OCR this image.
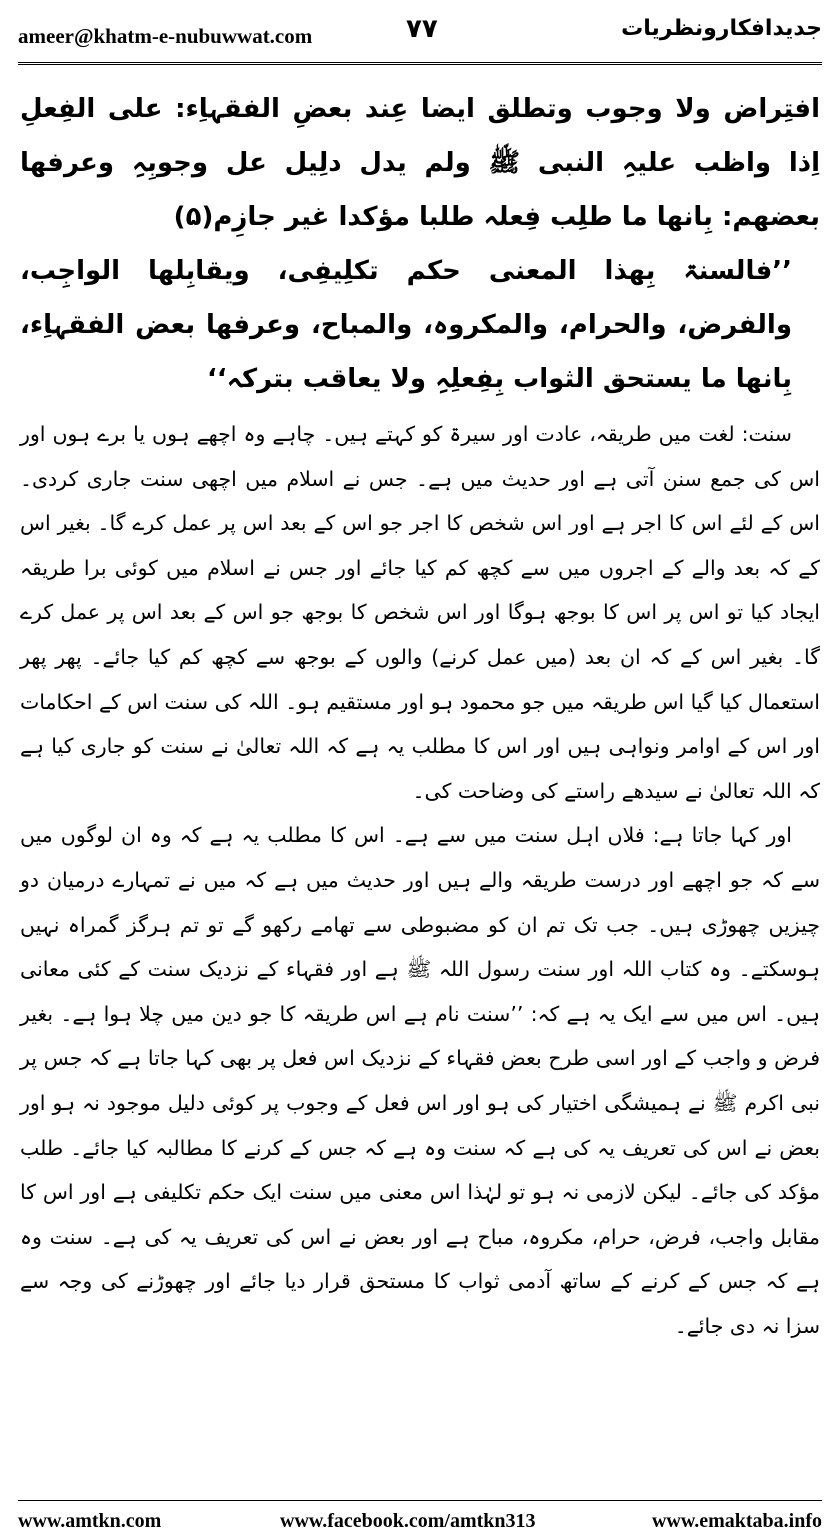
ameer@khatm-e-nubuwwat.com	۷۷	جدیدافکارونظریات

افتِراض ولا وجوب وتطلق ایضا عِند بعضِ الفقہاِء: علی الفِعلِ اِذا واظب علیہِ النبی ﷺ ولم یدل دلِیل عل وجوبِہِ وعرفھا بعضھم: بِانھا ما طلِب فِعلہ طلبا مؤکدا غیر جازِم(۵)

’’فالسنۃ بِھذا المعنی حکم تکلِیفِی، ویقابِلھا الواجِب، والفرض، والحرام، والمکروہ، والمباح، وعرفھا بعض الفقہاِء، بِانھا ما یستحق الثواب بِفِعلِہِ ولا یعاقب بترکہ‘‘

سنت: لغت میں طریقہ، عادت اور سیرۃ کو کہتے ہیں۔ چاہے وہ اچھے ہوں یا برے ہوں اور اس کی جمع سنن آتی ہے اور حدیث میں ہے۔ جس نے اسلام میں اچھی سنت جاری کردی۔ اس کے لئے اس کا اجر ہے اور اس شخص کا اجر جو اس کے بعد اس پر عمل کرے گا۔ بغیر اس کے کہ بعد والے کے اجروں میں سے کچھ کم کیا جائے اور جس نے اسلام میں کوئی برا طریقہ ایجاد کیا تو اس پر اس کا بوجھ ہوگا اور اس شخص کا بوجھ جو اس کے بعد اس پر عمل کرے گا۔ بغیر اس کے کہ ان بعد (میں عمل کرنے) والوں کے بوجھ سے کچھ کم کیا جائے۔ پھر پھر استعمال کیا گیا اس طریقہ میں جو محمود ہو اور مستقیم ہو۔ اللہ کی سنت اس کے احکامات اور اس کے اوامر ونواہی ہیں اور اس کا مطلب یہ ہے کہ اللہ تعالیٰ نے سنت کو جاری کیا ہے کہ اللہ تعالیٰ نے سیدھے راستے کی وضاحت کی۔

اور کہا جاتا ہے: فلاں اہل سنت میں سے ہے۔ اس کا مطلب یہ ہے کہ وہ ان لوگوں میں سے کہ جو اچھے اور درست طریقہ والے ہیں اور حدیث میں ہے کہ میں نے تمہارے درمیان دو چیزیں چھوڑی ہیں۔ جب تک تم ان کو مضبوطی سے تھامے رکھو گے تو تم ہرگز گمراہ نہیں ہوسکتے۔ وہ کتاب اللہ اور سنت رسول اللہ ﷺ ہے اور فقہاء کے نزدیک سنت کے کئی معانی ہیں۔ اس میں سے ایک یہ ہے کہ: ’’سنت نام ہے اس طریقہ کا جو دین میں چلا ہوا ہے۔ بغیر فرض و واجب کے اور اسی طرح بعض فقہاء کے نزدیک اس فعل پر بھی کہا جاتا ہے کہ جس پر نبی اکرم ﷺ نے ہمیشگی اختیار کی ہو اور اس فعل کے وجوب پر کوئی دلیل موجود نہ ہو اور بعض نے اس کی تعریف یہ کی ہے کہ سنت وہ ہے کہ جس کے کرنے کا مطالبہ کیا جائے۔ طلب مؤکد کی جائے۔ لیکن لازمی نہ ہو تو لہٰذا اس معنی میں سنت ایک حکم تکلیفی ہے اور اس کا مقابل واجب، فرض، حرام، مکروہ، مباح ہے اور بعض نے اس کی تعریف یہ کی ہے۔ سنت وہ ہے کہ جس کے کرنے کے ساتھ آدمی ثواب کا مستحق قرار دیا جائے اور چھوڑنے کی وجہ سے سزا نہ دی جائے۔

www.amtkn.com	www.facebook.com/amtkn313	www.emaktaba.info
